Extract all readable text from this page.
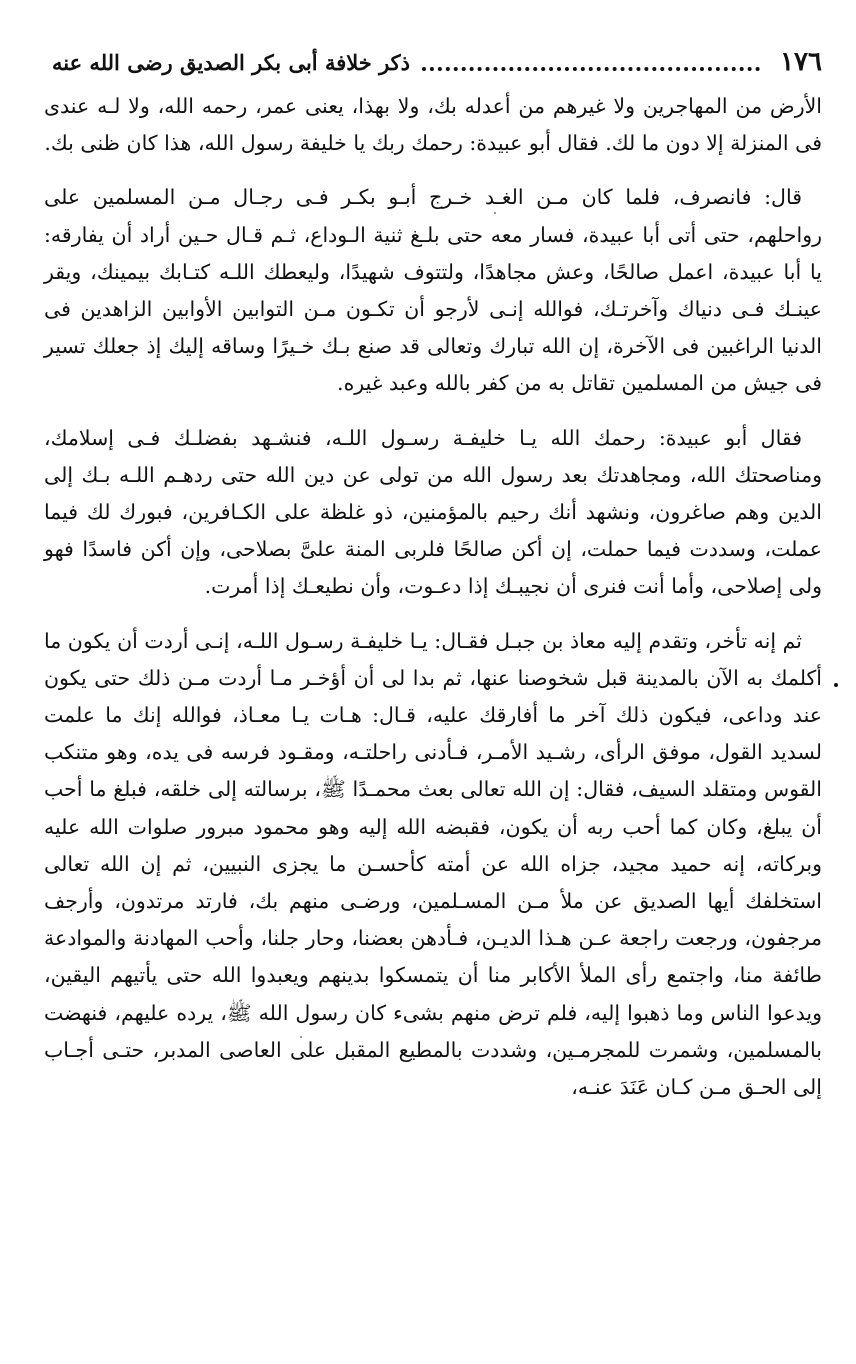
١٧٦
ذكر خلافة أبى بكر الصديق رضى الله عنه

الأرض من المهاجرين ولا غيرهم من أعدله بك، ولا بهذا، يعنى عمر، رحمه الله، ولا لـه عندى فى المنزلة إلا دون ما لك. فقال أبو عبيدة: رحمك ربك يا خليفة رسول الله، هذا كان ظنى بك.

قال: فانصرف، فلما كان مـن الغـد خـرج أبـو بكـر فـى رجـال مـن المسلمين على رواحلهم، حتى أتى أبا عبيدة، فسار معه حتى بلـغ ثنية الـوداع، ثـم قـال حـين أراد أن يفارقه: يا أبا عبيدة، اعمل صالحًا، وعش مجاهدًا، ولتتوف شهيدًا، وليعطك اللـه كتـابك بيمينك، ويقر عينـك فـى دنياك وآخرتـك، فوالله إنـى لأرجو أن تكـون مـن التوابين الأوابين الزاهدين فى الدنيا الراغبين فى الآخرة، إن الله تبارك وتعالى قد صنع بـك خـيرًا وساقه إليك إذ جعلك تسير فى جيش من المسلمين تقاتل به من كفر بالله وعبد غيره.

فقال أبو عبيدة: رحمك الله يـا خليفـة رسـول اللـه، فنشـهد بفضلـك فـى إسلامك، ومناصحتك الله، ومجاهدتك بعد رسول الله من تولى عن دين الله حتى ردهـم اللـه بـك إلى الدين وهم صاغرون، ونشهد أنك رحيم بالمؤمنين، ذو غلظة على الكـافرين، فبورك لك فيما عملت، وسددت فيما حملت، إن أكن صالحًا فلربى المنة علىَّ بصلاحى، وإن أكن فاسدًا فهو ولى إصلاحى، وأما أنت فنرى أن نجيبـك إذا دعـوت، وأن نطيعـك إذا أمرت.

ثم إنه تأخر، وتقدم إليه معاذ بن جبـل فقـال: يـا خليفـة رسـول اللـه، إنـى أردت أن يكون ما أكلمك به الآن بالمدينة قبل شخوصنا عنها، ثم بدا لى أن أؤخـر مـا أردت مـن ذلك حتى يكون عند وداعى، فيكون ذلك آخر ما أفارقك عليه، قـال: هـات يـا معـاذ، فوالله إنك ما علمت لسديد القول، موفق الرأى، رشـيد الأمـر، فـأدنى راحلتـه، ومقـود فرسه فى يده، وهو متنكب القوس ومتقلد السيف، فقال: إن الله تعالى بعث محمـدًا ﷺ، برسالته إلى خلقه، فبلغ ما أحب أن يبلغ، وكان كما أحب ربه أن يكون، فقبضه الله إليه وهو محمود مبرور صلوات الله عليه وبركاته، إنه حميد مجيد، جزاه الله عن أمته كأحسـن ما يجزى النبيين، ثم إن الله تعالى استخلفك أيها الصديق عن ملأ مـن المسـلمين، ورضـى منهم بك، فارتد مرتدون، وأرجف مرجفون، ورجعت راجعة عـن هـذا الديـن، فـأدهن بعضنا، وحار جلنا، وأحب المهادنة والموادعة طائفة منا، واجتمع رأى الملأ الأكابر منا أن يتمسكوا بدينهم ويعبدوا الله حتى يأتيهم اليقين، ويدعوا الناس وما ذهبوا إليه، فلم ترض منهم بشىء كان رسول الله ﷺ، يرده عليهم، فنهضت بالمسلمين، وشمرت للمجرمـين، وشددت بالمطيع المقبل على العاصى المدبر، حتـى أجـاب إلى الحـق مـن كـان عَنَدَ عنـه،
